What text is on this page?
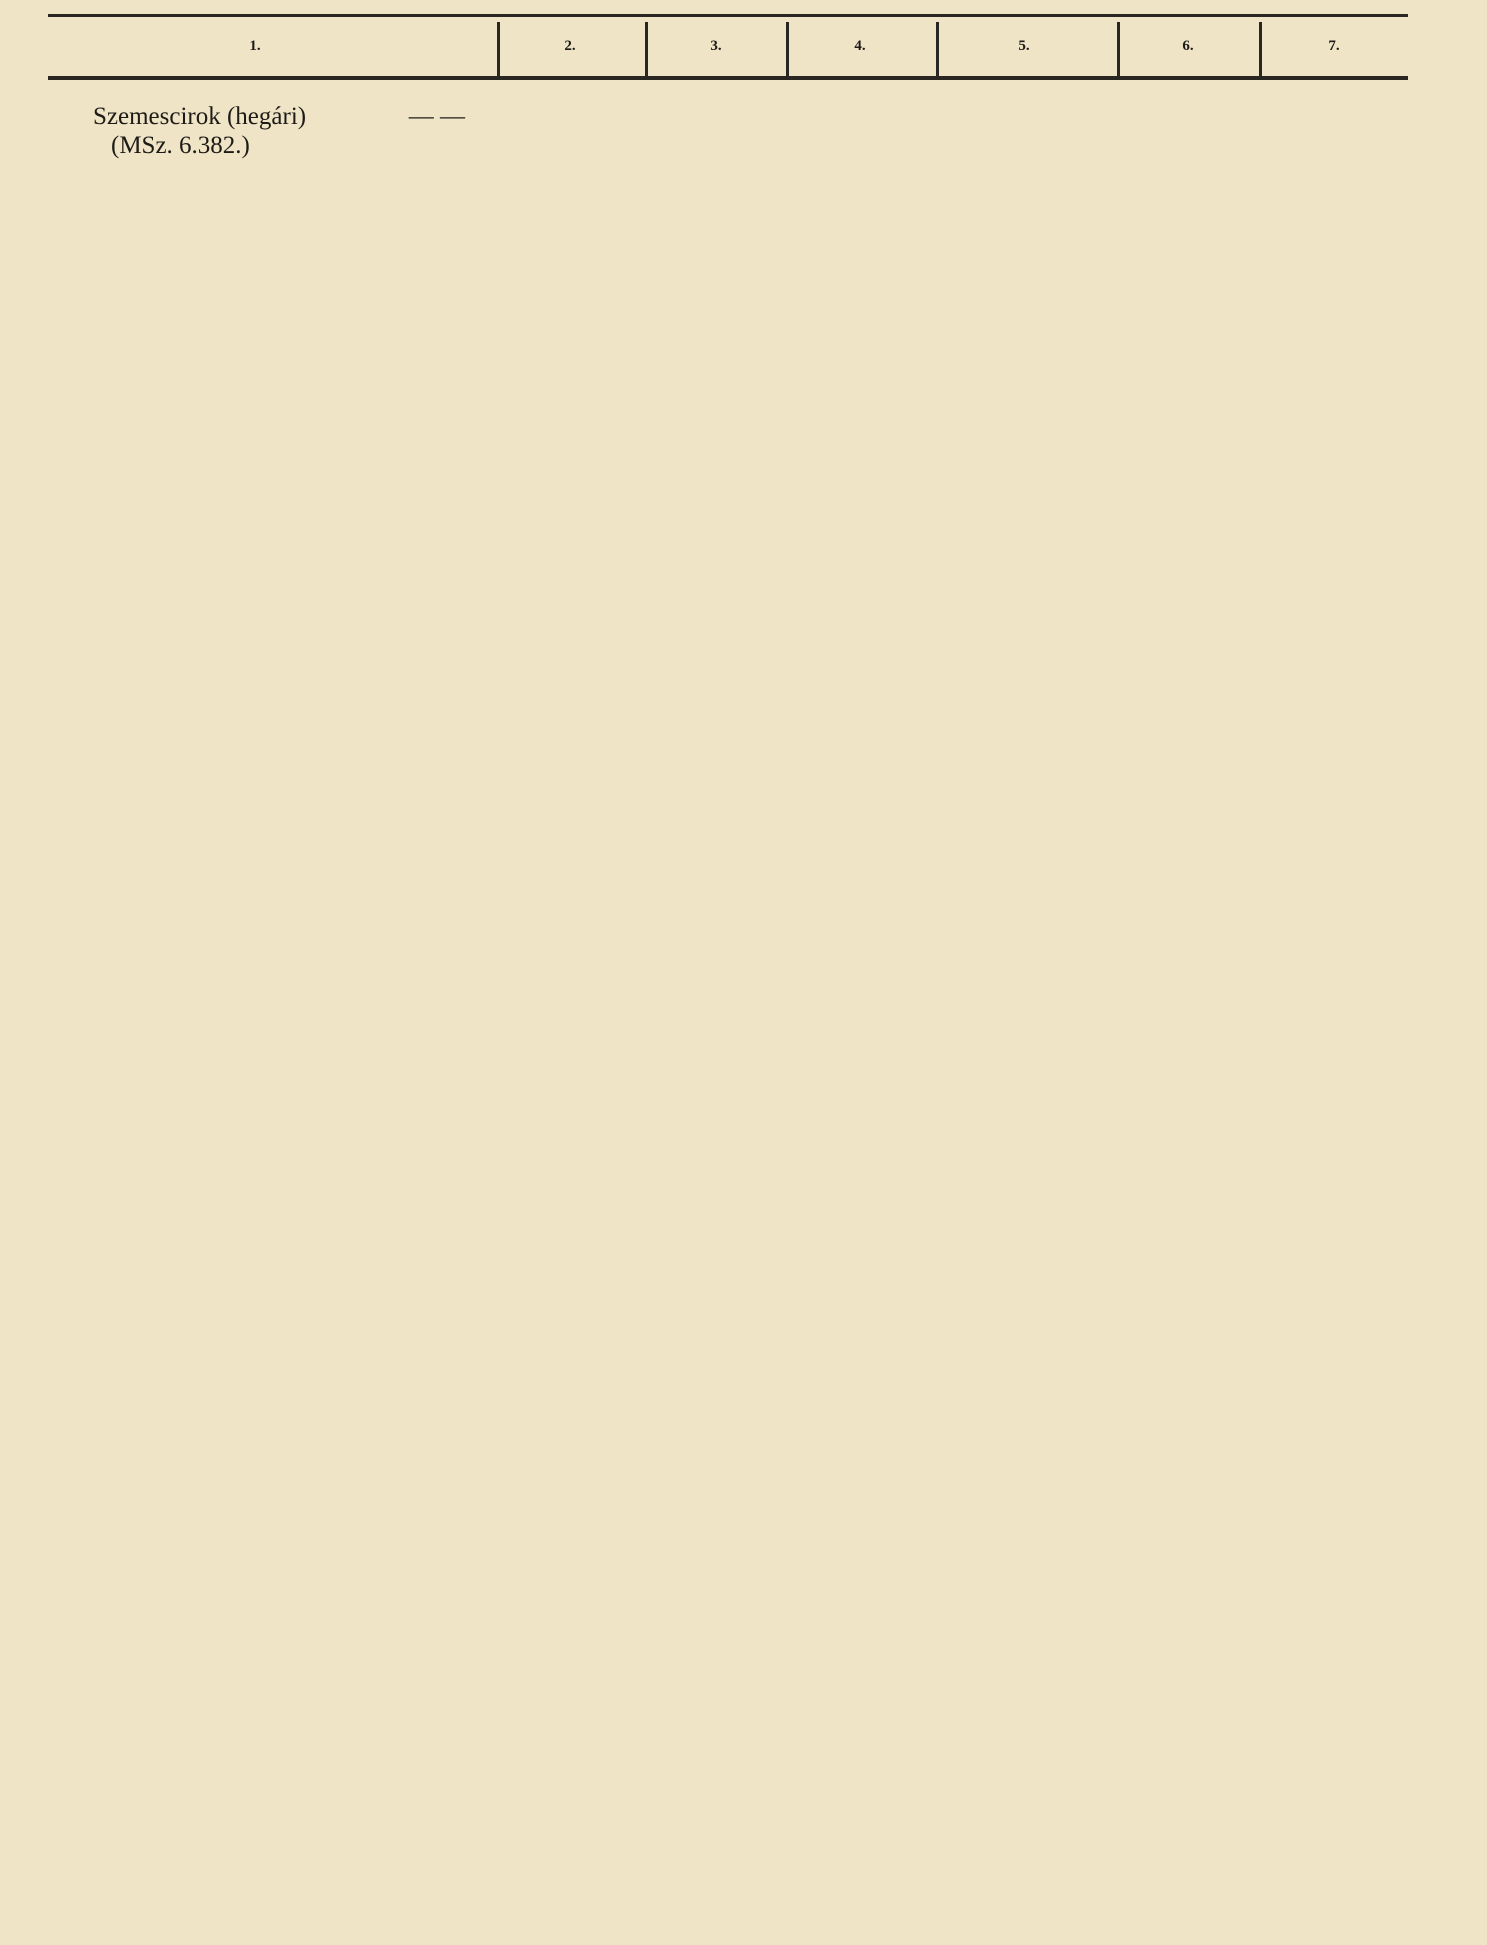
1.	2.	3.	4.	5.	6.	7.
Szemescirok (hegári)	— —
(MSz. 6.382.)
